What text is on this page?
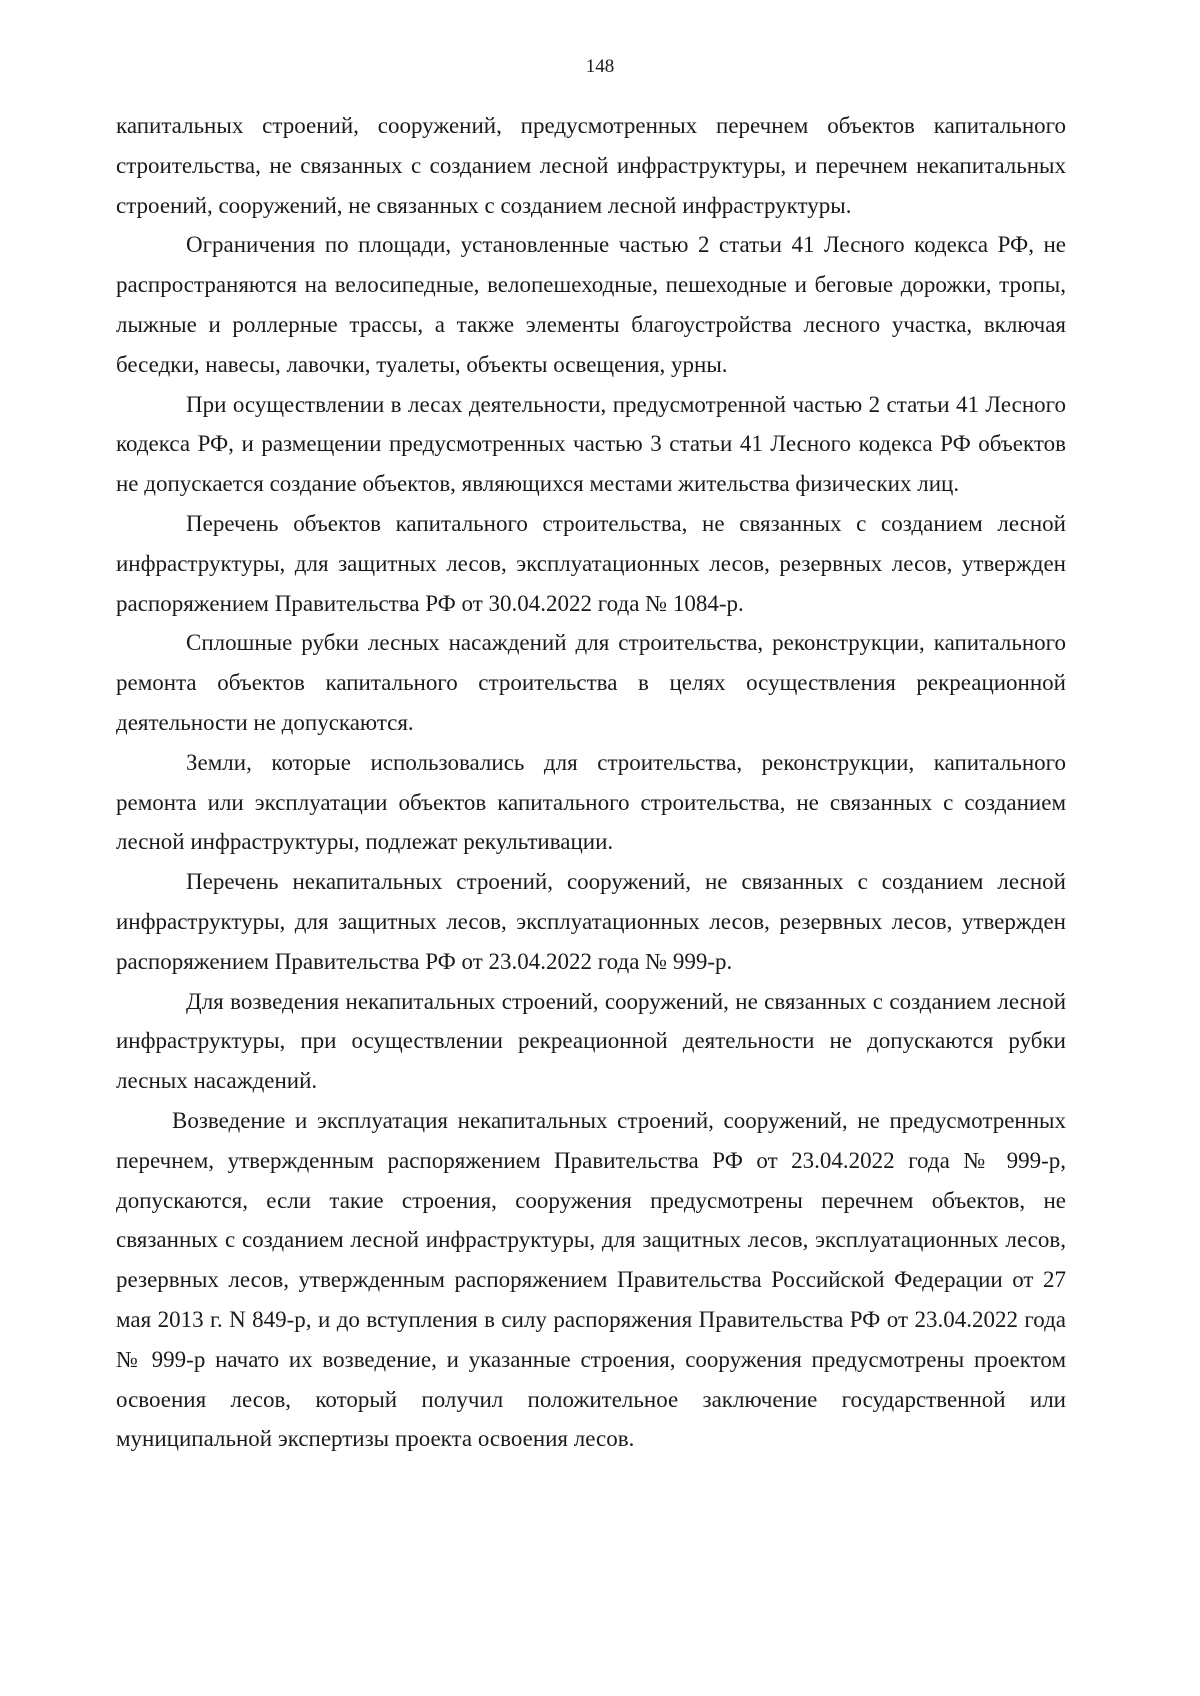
148

капитальных строений, сооружений, предусмотренных перечнем объектов капитального строительства, не связанных с созданием лесной инфраструктуры, и перечнем некапитальных строений, сооружений, не связанных с созданием лесной инфраструктуры.

Ограничения по площади, установленные частью 2 статьи 41 Лесного кодекса РФ, не распространяются на велосипедные, велопешеходные, пешеходные и беговые дорожки, тропы, лыжные и роллерные трассы, а также элементы благоустройства лесного участка, включая беседки, навесы, лавочки, туалеты, объекты освещения, урны.

При осуществлении в лесах деятельности, предусмотренной частью 2 статьи 41 Лесного кодекса РФ, и размещении предусмотренных частью 3 статьи 41 Лесного кодекса РФ объектов не допускается создание объектов, являющихся местами жительства физических лиц.

Перечень объектов капитального строительства, не связанных с созданием лесной инфраструктуры, для защитных лесов, эксплуатационных лесов, резервных лесов, утвержден распоряжением Правительства РФ от 30.04.2022 года № 1084-р.

Сплошные рубки лесных насаждений для строительства, реконструкции, капитального ремонта объектов капитального строительства в целях осуществления рекреационной деятельности не допускаются.

Земли, которые использовались для строительства, реконструкции, капитального ремонта или эксплуатации объектов капитального строительства, не связанных с созданием лесной инфраструктуры, подлежат рекультивации.

Перечень некапитальных строений, сооружений, не связанных с созданием лесной инфраструктуры, для защитных лесов, эксплуатационных лесов, резервных лесов, утвержден распоряжением Правительства РФ от 23.04.2022 года № 999-р.

Для возведения некапитальных строений, сооружений, не связанных с созданием лесной инфраструктуры, при осуществлении рекреационной деятельности не допускаются рубки лесных насаждений.

Возведение и эксплуатация некапитальных строений, сооружений, не предусмотренных перечнем, утвержденным распоряжением Правительства РФ от 23.04.2022 года № 999-р, допускаются, если такие строения, сооружения предусмотрены перечнем объектов, не связанных с созданием лесной инфраструктуры, для защитных лесов, эксплуатационных лесов, резервных лесов, утвержденным распоряжением Правительства Российской Федерации от 27 мая 2013 г. N 849-р, и до вступления в силу распоряжения Правительства РФ от 23.04.2022 года № 999-р начато их возведение, и указанные строения, сооружения предусмотрены проектом освоения лесов, который получил положительное заключение государственной или муниципальной экспертизы проекта освоения лесов.
